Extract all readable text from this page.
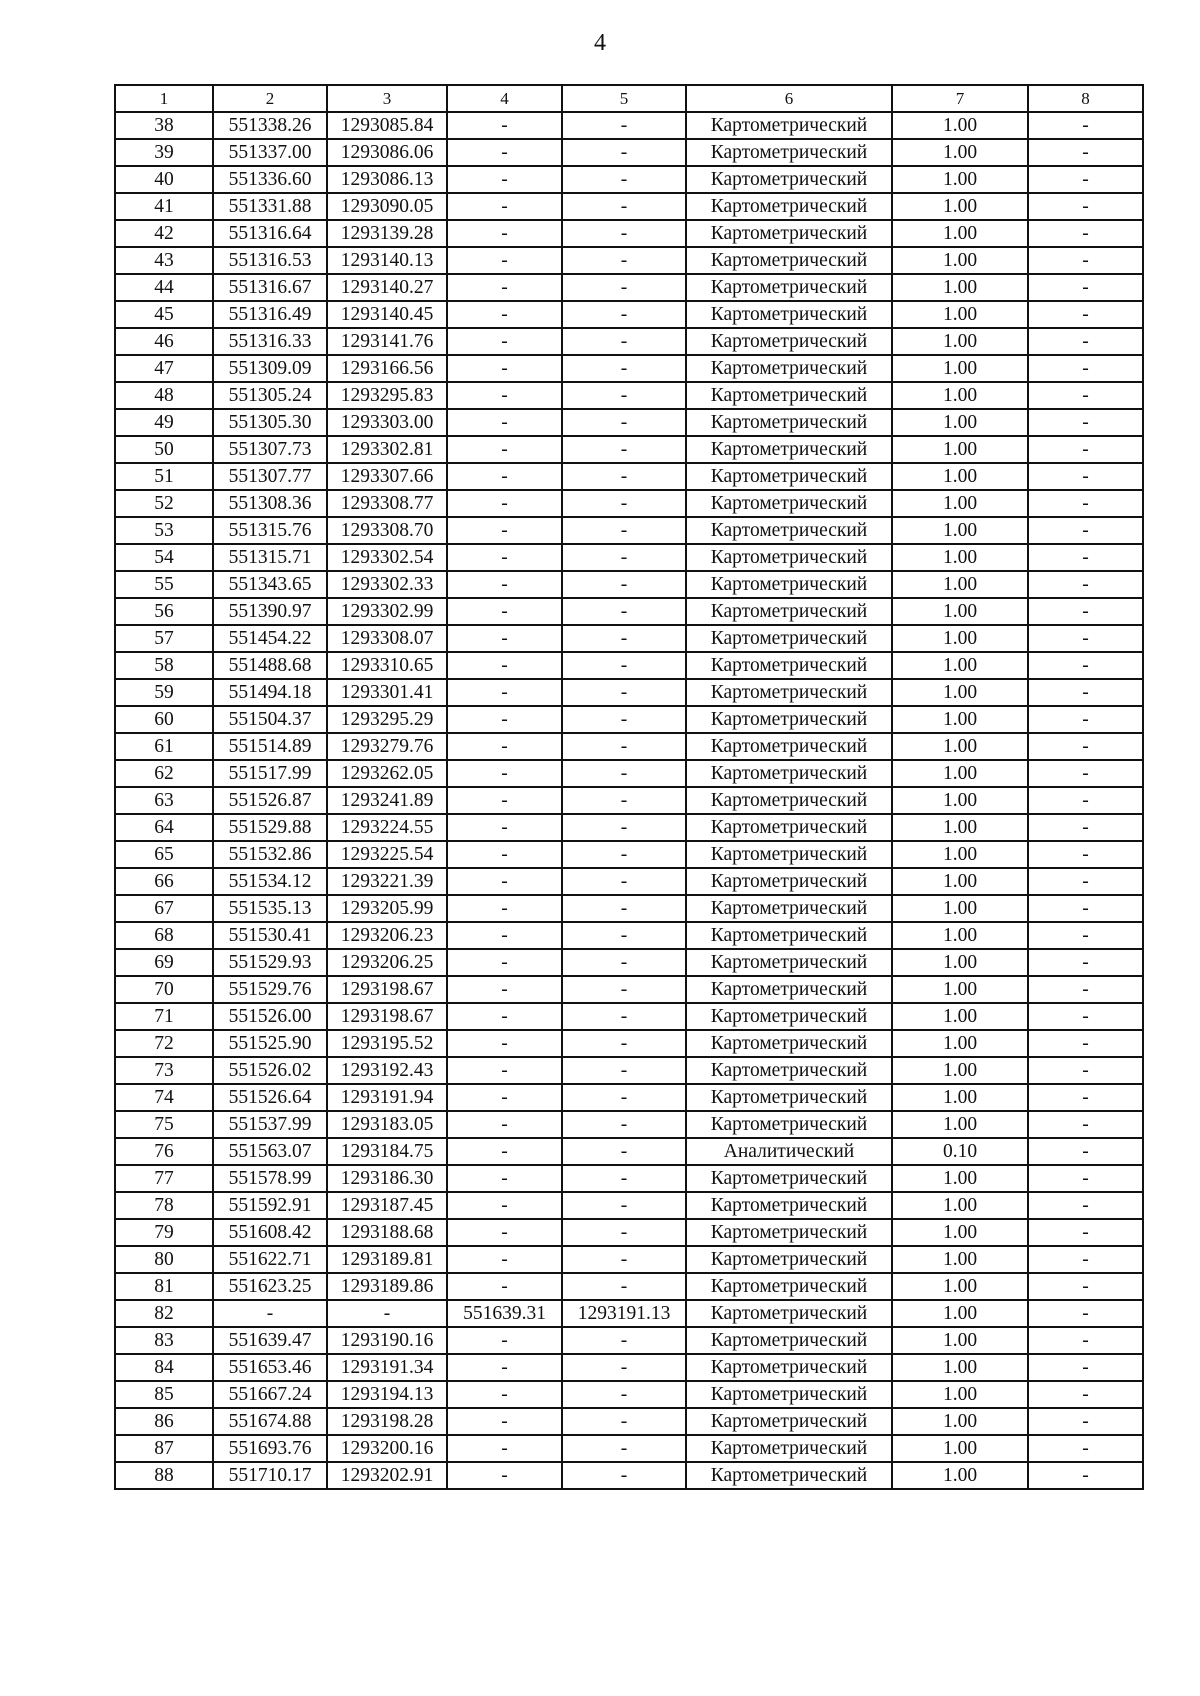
4
1	2	3	4	5	6	7	8
38	551338.26	1293085.84	-	-	Картометрический	1.00	-
39	551337.00	1293086.06	-	-	Картометрический	1.00	-
40	551336.60	1293086.13	-	-	Картометрический	1.00	-
41	551331.88	1293090.05	-	-	Картометрический	1.00	-
42	551316.64	1293139.28	-	-	Картометрический	1.00	-
43	551316.53	1293140.13	-	-	Картометрический	1.00	-
44	551316.67	1293140.27	-	-	Картометрический	1.00	-
45	551316.49	1293140.45	-	-	Картометрический	1.00	-
46	551316.33	1293141.76	-	-	Картометрический	1.00	-
47	551309.09	1293166.56	-	-	Картометрический	1.00	-
48	551305.24	1293295.83	-	-	Картометрический	1.00	-
49	551305.30	1293303.00	-	-	Картометрический	1.00	-
50	551307.73	1293302.81	-	-	Картометрический	1.00	-
51	551307.77	1293307.66	-	-	Картометрический	1.00	-
52	551308.36	1293308.77	-	-	Картометрический	1.00	-
53	551315.76	1293308.70	-	-	Картометрический	1.00	-
54	551315.71	1293302.54	-	-	Картометрический	1.00	-
55	551343.65	1293302.33	-	-	Картометрический	1.00	-
56	551390.97	1293302.99	-	-	Картометрический	1.00	-
57	551454.22	1293308.07	-	-	Картометрический	1.00	-
58	551488.68	1293310.65	-	-	Картометрический	1.00	-
59	551494.18	1293301.41	-	-	Картометрический	1.00	-
60	551504.37	1293295.29	-	-	Картометрический	1.00	-
61	551514.89	1293279.76	-	-	Картометрический	1.00	-
62	551517.99	1293262.05	-	-	Картометрический	1.00	-
63	551526.87	1293241.89	-	-	Картометрический	1.00	-
64	551529.88	1293224.55	-	-	Картометрический	1.00	-
65	551532.86	1293225.54	-	-	Картометрический	1.00	-
66	551534.12	1293221.39	-	-	Картометрический	1.00	-
67	551535.13	1293205.99	-	-	Картометрический	1.00	-
68	551530.41	1293206.23	-	-	Картометрический	1.00	-
69	551529.93	1293206.25	-	-	Картометрический	1.00	-
70	551529.76	1293198.67	-	-	Картометрический	1.00	-
71	551526.00	1293198.67	-	-	Картометрический	1.00	-
72	551525.90	1293195.52	-	-	Картометрический	1.00	-
73	551526.02	1293192.43	-	-	Картометрический	1.00	-
74	551526.64	1293191.94	-	-	Картометрический	1.00	-
75	551537.99	1293183.05	-	-	Картометрический	1.00	-
76	551563.07	1293184.75	-	-	Аналитический	0.10	-
77	551578.99	1293186.30	-	-	Картометрический	1.00	-
78	551592.91	1293187.45	-	-	Картометрический	1.00	-
79	551608.42	1293188.68	-	-	Картометрический	1.00	-
80	551622.71	1293189.81	-	-	Картометрический	1.00	-
81	551623.25	1293189.86	-	-	Картометрический	1.00	-
82	-	-	551639.31	1293191.13	Картометрический	1.00	-
83	551639.47	1293190.16	-	-	Картометрический	1.00	-
84	551653.46	1293191.34	-	-	Картометрический	1.00	-
85	551667.24	1293194.13	-	-	Картометрический	1.00	-
86	551674.88	1293198.28	-	-	Картометрический	1.00	-
87	551693.76	1293200.16	-	-	Картометрический	1.00	-
88	551710.17	1293202.91	-	-	Картометрический	1.00	-
